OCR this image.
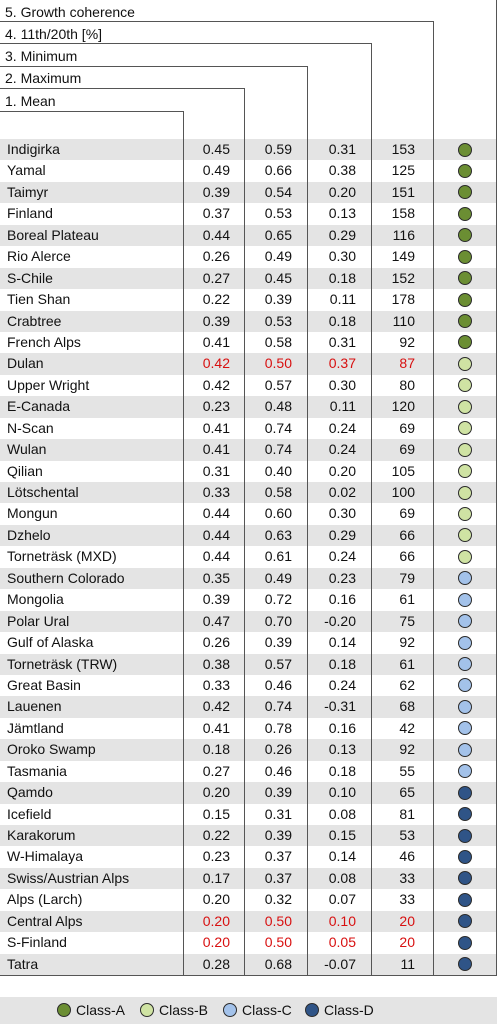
5. Growth coherence
4. 11th/20th [%]
3. Minimum
2. Maximum
1. Mean
Indigirka	0.45	0.59	0.31	153
Yamal	0.49	0.66	0.38	125
Taimyr	0.39	0.54	0.20	151
Finland	0.37	0.53	0.13	158
Boreal Plateau	0.44	0.65	0.29	116
Rio Alerce	0.26	0.49	0.30	149
S-Chile	0.27	0.45	0.18	152
Tien Shan	0.22	0.39	0.11	178
Crabtree	0.39	0.53	0.18	110
French Alps	0.41	0.58	0.31	92
Dulan	0.42	0.50	0.37	87
Upper Wright	0.42	0.57	0.30	80
E-Canada	0.23	0.48	0.11	120
N-Scan	0.41	0.74	0.24	69
Wulan	0.41	0.74	0.24	69
Qilian	0.31	0.40	0.20	105
Lötschental	0.33	0.58	0.02	100
Mongun	0.44	0.60	0.30	69
Dzhelo	0.44	0.63	0.29	66
Torneträsk (MXD)	0.44	0.61	0.24	66
Southern Colorado	0.35	0.49	0.23	79
Mongolia	0.39	0.72	0.16	61
Polar Ural	0.47	0.70	-0.20	75
Gulf of Alaska	0.26	0.39	0.14	92
Torneträsk (TRW)	0.38	0.57	0.18	61
Great Basin	0.33	0.46	0.24	62
Lauenen	0.42	0.74	-0.31	68
Jämtland	0.41	0.78	0.16	42
Oroko Swamp	0.18	0.26	0.13	92
Tasmania	0.27	0.46	0.18	55
Qamdo	0.20	0.39	0.10	65
Icefield	0.15	0.31	0.08	81
Karakorum	0.22	0.39	0.15	53
W-Himalaya	0.23	0.37	0.14	46
Swiss/Austrian Alps	0.17	0.37	0.08	33
Alps (Larch)	0.20	0.32	0.07	33
Central Alps	0.20	0.50	0.10	20
S-Finland	0.20	0.50	0.05	20
Tatra	0.28	0.68	-0.07	11
Class-A Class-B Class-C Class-D
